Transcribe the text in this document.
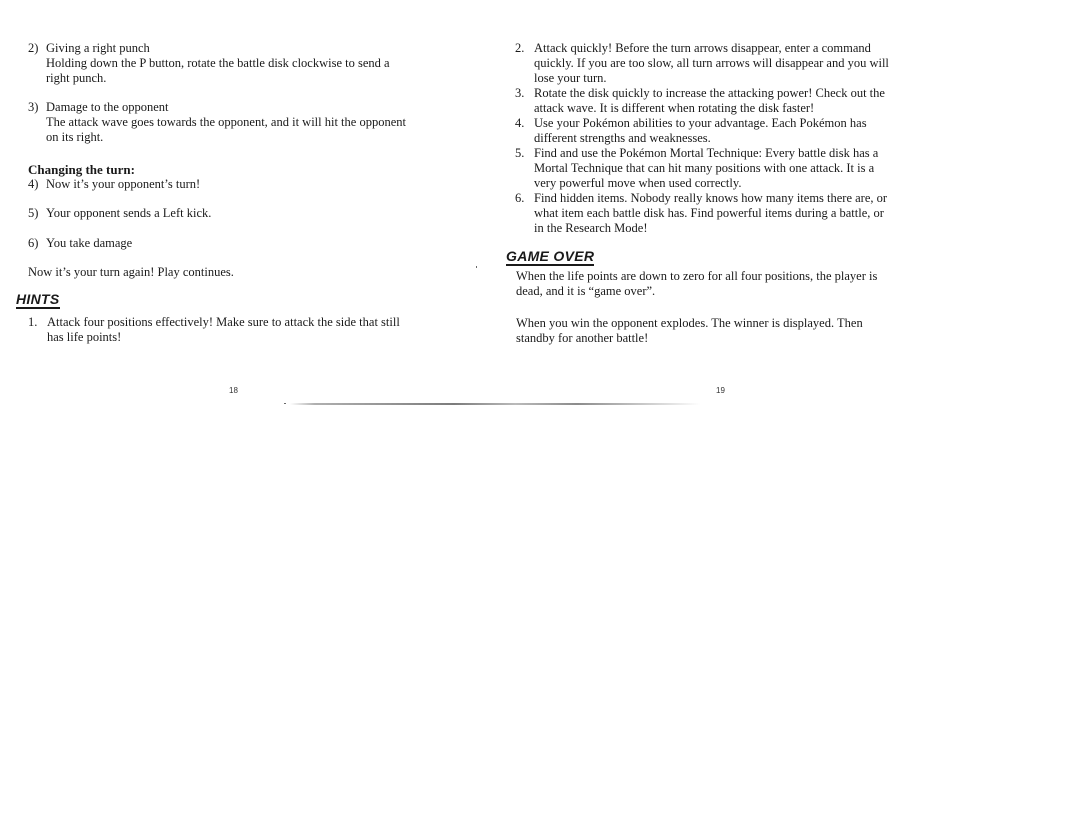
2) Giving a right punch
Holding down the P button, rotate the battle disk clockwise to send a
right punch.
3) Damage to the opponent
The attack wave goes towards the opponent, and it will hit the opponent
on its right.
Changing the turn:
4) Now it’s your opponent’s turn!
5) Your opponent sends a Left kick.
6) You take damage
Now it’s your turn again! Play continues.
HINTS
1. Attack four positions effectively! Make sure to attack the side that still
has life points!
18
2. Attack quickly! Before the turn arrows disappear, enter a command
quickly. If you are too slow, all turn arrows will disappear and you will
lose your turn.
3. Rotate the disk quickly to increase the attacking power! Check out the
attack wave. It is different when rotating the disk faster!
4. Use your Pokémon abilities to your advantage. Each Pokémon has
different strengths and weaknesses.
5. Find and use the Pokémon Mortal Technique: Every battle disk has a
Mortal Technique that can hit many positions with one attack. It is a
very powerful move when used correctly.
6. Find hidden items. Nobody really knows how many items there are, or
what item each battle disk has. Find powerful items during a battle, or
in the Research Mode!
GAME OVER
When the life points are down to zero for all four positions, the player is
dead, and it is “game over”.
When you win the opponent explodes. The winner is displayed. Then
standby for another battle!
19
